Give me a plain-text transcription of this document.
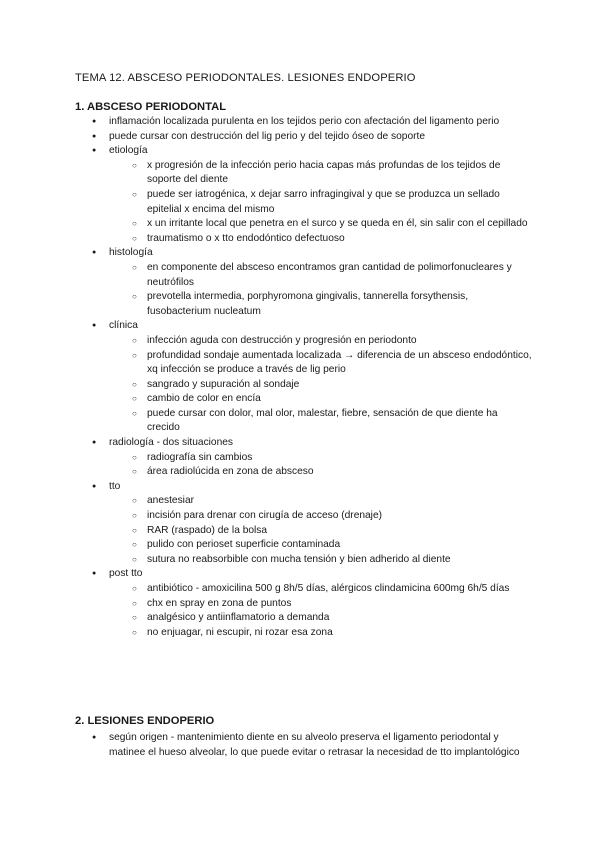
TEMA 12. ABSCESO PERIODONTALES. LESIONES ENDOPERIO
1. ABSCESO PERIODONTAL
● inflamación localizada purulenta en los tejidos perio con afectación del ligamento perio
● puede cursar con destrucción del lig perio y del tejido óseo de soporte
● etiología
○ x progresión de la infección perio hacia capas más profundas de los tejidos de soporte del diente
○ puede ser iatrogénica, x dejar sarro infragingival y que se produzca un sellado epitelial x encima del mismo
○ x un irritante local que penetra en el surco y se queda en él, sin salir con el cepillado
○ traumatismo o x tto endodóntico defectuoso
● histología
○ en componente del absceso encontramos gran cantidad de polimorfonucleares y neutrófilos
○ prevotella intermedia, porphyromona gingivalis, tannerella forsythensis, fusobacterium nucleatum
● clínica
○ infección aguda con destrucción y progresión en periodonto
○ profundidad sondaje aumentada localizada → diferencia de un absceso endodóntico, xq infección se produce a través de lig perio
○ sangrado y supuración al sondaje
○ cambio de color en encía
○ puede cursar con dolor, mal olor, malestar, fiebre, sensación de que diente ha crecido
● radiología - dos situaciones
○ radiografía sin cambios
○ área radiolúcida en zona de absceso
● tto
○ anestesiar
○ incisión para drenar con cirugía de acceso (drenaje)
○ RAR (raspado) de la bolsa
○ pulido con perioset superficie contaminada
○ sutura no reabsorbible con mucha tensión y bien adherido al diente
● post tto
○ antibiótico - amoxicilina 500 g 8h/5 días, alérgicos clindamicina 600mg 6h/5 días
○ chx en spray en zona de puntos
○ analgésico y antiinflamatorio a demanda
○ no enjuagar, ni escupir, ni rozar esa zona
2. LESIONES ENDOPERIO
● según origen - mantenimiento diente en su alveolo preserva el ligamento periodontal y matinee el hueso alveolar, lo que puede evitar o retrasar la necesidad de tto implantológico
